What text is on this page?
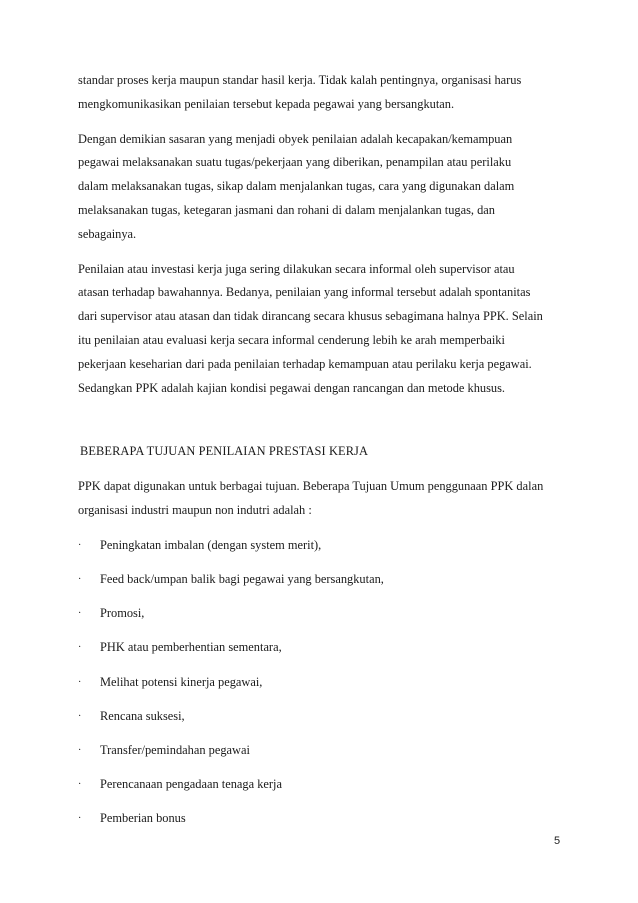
standar proses kerja maupun standar hasil kerja. Tidak kalah pentingnya, organisasi harus
mengkomunikasikan penilaian tersebut kepada pegawai yang bersangkutan.
Dengan demikian sasaran yang menjadi obyek penilaian adalah kecapakan/kemampuan
pegawai melaksanakan suatu tugas/pekerjaan yang diberikan, penampilan atau perilaku
dalam melaksanakan tugas, sikap dalam menjalankan tugas, cara yang digunakan dalam
melaksanakan tugas, ketegaran jasmani dan rohani di dalam menjalankan tugas, dan
sebagainya.
Penilaian atau investasi kerja juga sering dilakukan secara informal oleh supervisor atau
atasan terhadap bawahannya. Bedanya, penilaian yang informal tersebut adalah spontanitas
dari supervisor atau atasan dan tidak dirancang secara khusus sebagimana halnya PPK. Selain
itu penilaian atau evaluasi kerja secara informal cenderung lebih ke arah memperbaiki
pekerjaan keseharian dari pada penilaian terhadap kemampuan atau perilaku kerja pegawai.
Sedangkan PPK adalah kajian kondisi pegawai dengan rancangan dan metode khusus.
BEBERAPA TUJUAN PENILAIAN PRESTASI KERJA
PPK dapat digunakan untuk berbagai tujuan. Beberapa Tujuan Umum penggunaan PPK dalan
organisasi industri maupun non indutri adalah :
·	Peningkatan imbalan (dengan system merit),
·	Feed back/umpan balik bagi pegawai yang bersangkutan,
·	Promosi,
·	PHK atau pemberhentian sementara,
·	Melihat potensi kinerja pegawai,
·	Rencana suksesi,
·	Transfer/pemindahan pegawai
·	Perencanaan pengadaan tenaga kerja
·	Pemberian bonus
5
